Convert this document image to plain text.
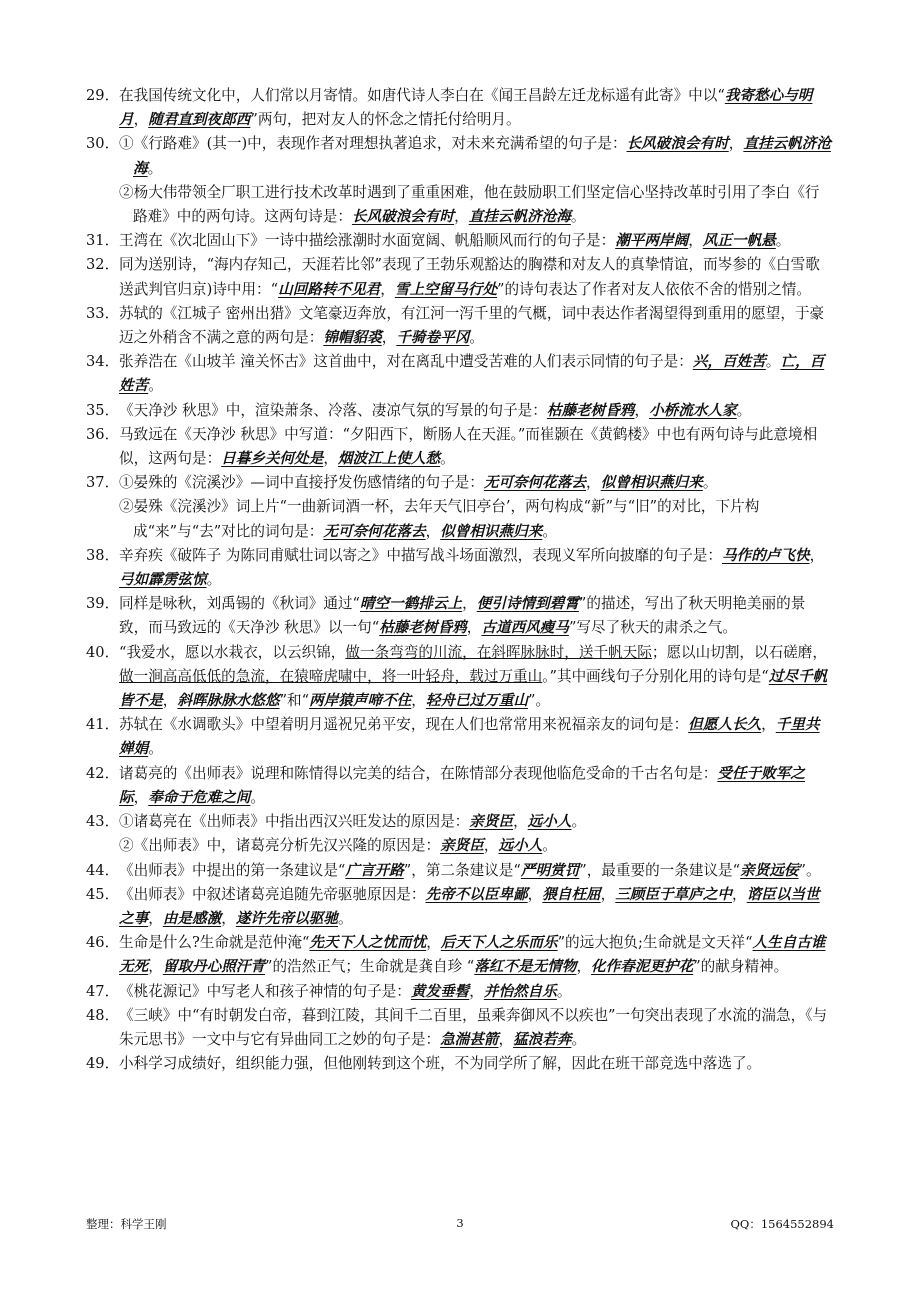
29． 在我国传统文化中，人们常以月寄情。如唐代诗人李白在《闻王昌龄左迁龙标遥有此寄》中以“我寄愁心与明月，随君直到夜郎西”两句，把对友人的怀念之情托付给明月。
30． ①《行路难》(其一)中，表现作者对理想执著追求，对未来充满希望的句子是：长风破浪会有时，直挂云帆济沧海。
②杨大伟带领全厂职工进行技术改革时遇到了重重困难，他在鼓励职工们坚定信心坚持改革时引用了李白《行路难》中的两句诗。这两句诗是：长风破浪会有时，直挂云帆济沧海。
31． 王湾在《次北固山下》一诗中描绘涨潮时水面宽阔、帆船顺风而行的句子是：潮平两岸阔，风正一帆悬。
32． 同为送别诗，“海内存知己，天涯若比邻”表现了王勃乐观豁达的胸襟和对友人的真挚情谊，而岑参的《白雪歌送武判官归京)诗中用：“山回路转不见君，雪上空留马行处”的诗句表达了作者对友人依依不舍的惜别之情。
33． 苏轼的《江城子 密州出猎》文笔豪迈奔放，有江河一泻千里的气概，词中表达作者渴望得到重用的愿望，于豪迈之外稍含不满之意的两句是：锦帽貂裘，千骑卷平冈。
34． 张养浩在《山坡羊 潼关怀古》这首曲中，对在离乱中遭受苦难的人们表示同情的句子是：兴，百姓苦。亡，百姓苦。
35． 《天净沙 秋思》中，渲染萧条、冷落、凄凉气氛的写景的句子是：枯藤老树昏鸦，小桥流水人家。
36． 马致远在《天净沙 秋思》中写道：“夕阳西下，断肠人在天涯。”而崔颢在《黄鹤楼》中也有两句诗与此意境相似，这两句是：日暮乡关何处是，烟波江上使人愁。
37． ①晏殊的《浣溪沙》—词中直接抒发伤感情绪的句子是：无可奈何花落去，似曾相识燕归来。
②晏殊《浣溪沙》词上片“一曲新词酒一杯，去年天气旧亭台’，两句构成“新”与“旧”的对比，下片构成“来”与“去”对比的词句是：无可奈何花落去，似曾相识燕归来。
38． 辛弃疾《破阵子 为陈同甫赋壮词以寄之》中描写战斗场面激烈，表现义军所向披靡的句子是：马作的卢飞快，弓如霹雳弦惊。
39． 同样是咏秋，刘禹锡的《秋词》通过“晴空一鹤排云上，便引诗情到碧霄”的描述，写出了秋天明艳美丽的景致，而马致远的《天净沙 秋思》以一句“枯藤老树昏鸦，古道西风瘦马”写尽了秋天的肃杀之气。
40． “我爱水，愿以水栽衣，以云织锦，做一条弯弯的川流，在斜晖脉脉时，送千帆天际；愿以山切割，以石磋磨，做一涧高高低低的急流，在猿啼虎啸中，将一叶轻舟，载过万重山。”其中画线句子分别化用的诗句是“过尽千帆皆不是，斜晖脉脉水悠悠”和“两岸猿声啼不住，轻舟已过万重山”。
41． 苏轼在《水调歌头》中望着明月遥祝兄弟平安，现在人们也常常用来祝福亲友的词句是：但愿人长久，千里共婵娟。
42． 诸葛亮的《出师表》说理和陈情得以完美的结合，在陈情部分表现他临危受命的千古名句是：受任于败军之际，奉命于危难之间。
43． ①诸葛亮在《出师表》中指出西汉兴旺发达的原因是：亲贤臣，远小人。
②《出师表》中，诸葛亮分析先汉兴隆的原因是：亲贤臣，远小人。
44． 《出师表》中提出的第一条建议是“广言开路”，第二条建议是“严明赏罚”，最重要的一条建议是“亲贤远佞”。
45． 《出师表》中叙述诸葛亮追随先帝驱驰原因是：先帝不以臣卑鄙，猥自枉屈，三顾臣于草庐之中，谘臣以当世之事，由是感激，遂许先帝以驱驰。
46． 生命是什么?生命就是范仲淹“先天下人之忧而忧，后天下人之乐而乐”的远大抱负;生命就是文天祥“人生自古谁无死，留取丹心照汗青”的浩然正气；生命就是龚自珍 “落红不是无情物，化作春泥更护花”的献身精神。
47． 《桃花源记》中写老人和孩子神情的句子是：黄发垂髫，并怡然自乐。
48． 《三峡》中“有时朝发白帝，暮到江陵，其间千二百里，虽乘奔御风不以疾也”一句突出表现了水流的湍急，《与朱元思书》一文中与它有异曲同工之妙的句子是：急湍甚箭，猛浪若奔。
49． 小科学习成绩好，组织能力强，但他刚转到这个班，不为同学所了解，因此在班干部竞选中落选了。
整理：科学王刚	3	QQ：1564552894
